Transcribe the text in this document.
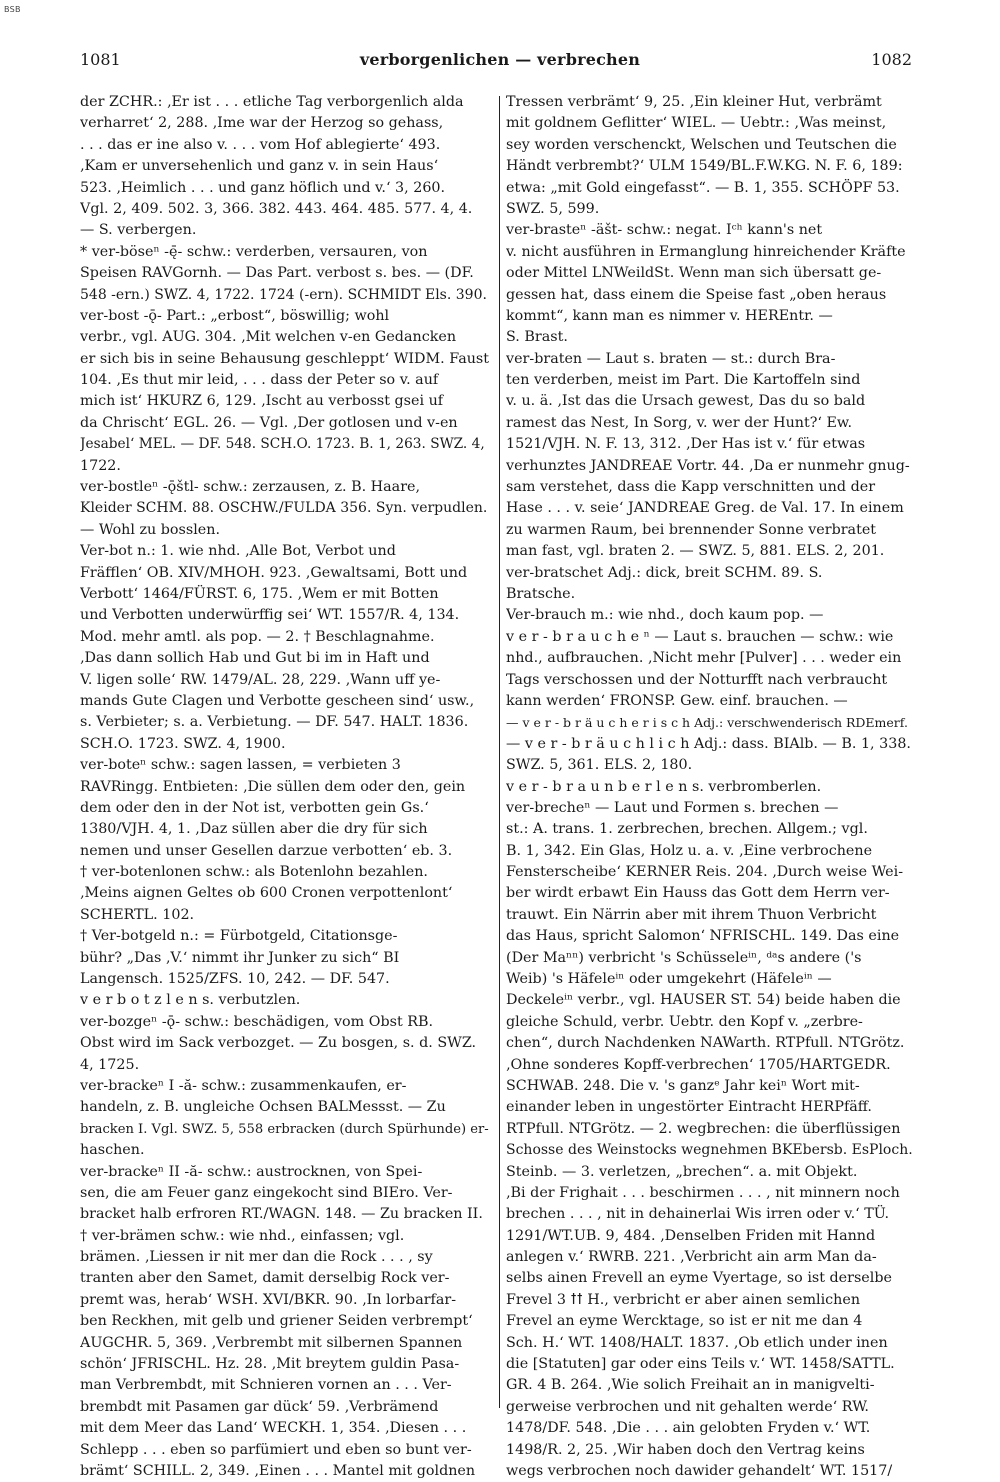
BSB
1081	verborgenlichen — verbrechen	1082
der ZCHR.: ‚Er ist . . . etliche Tag verborgenlich alda
verharret‘ 2, 288. ‚Ime war der Herzog so gehass,
. . . das er ine also v. . . . vom Hof ablegierte‘ 493.
‚Kam er unversehenlich und ganz v. in sein Haus‘
523. ‚Heimlich . . . und ganz höflich und v.‘ 3, 260.
Vgl. 2, 409. 502. 3, 366. 382. 443. 464. 485. 577. 4, 4.
— S. verbergen.
* ver-böseⁿ -ę̄- schw.: verderben, versauren, von
Speisen RAVGornh. — Das Part. verbost s. bes. — (DF.
548 -ern.) SWZ. 4, 1722. 1724 (-ern). SCHMIDT Els. 390.
ver-bost -ǭ- Part.: „erbost“, böswillig; wohl
verbr., vgl. AUG. 304. ‚Mit welchen v-en Gedancken
er sich bis in seine Behausung geschleppt‘ WIDM. Faust
104. ‚Es thut mir leid, . . . dass der Peter so v. auf
mich ist‘ HKURZ 6, 129. ‚Ischt au verbosst gsei uf
da Chrischt‘ EGL. 26. — Vgl. ‚Der gotlosen und v-en
Jesabel‘ MEL. — DF. 548. SCH.O. 1723. B. 1, 263. SWZ. 4,
1722.
ver-bostleⁿ -ǭštl- schw.: zerzausen, z. B. Haare,
Kleider SCHM. 88. OSCHW./FULDA 356. Syn. verpudlen.
— Wohl zu bosslen.
Ver-bot n.: 1. wie nhd. ‚Alle Bot, Verbot und
Fräfflen‘ OB. XIV/MHOH. 923. ‚Gewaltsami, Bott und
Verbott‘ 1464/FÜRST. 6, 175. ‚Wem er mit Botten
und Verbotten underwürffig sei‘ WT. 1557/R. 4, 134.
Mod. mehr amtl. als pop. — 2. † Beschlagnahme.
‚Das dann sollich Hab und Gut bi im in Haft und
V. ligen solle‘ RW. 1479/AL. 28, 229. ‚Wann uff ye-
mands Gute Clagen und Verbotte gescheen sind‘ usw.,
s. Verbieter; s. a. Verbietung. — DF. 547. HALT. 1836.
SCH.O. 1723. SWZ. 4, 1900.
ver-boteⁿ schw.: sagen lassen, = verbieten 3
RAVRingg. Entbieten: ‚Die süllen dem oder den, gein
dem oder den in der Not ist, verbotten gein Gs.‘
1380/VJH. 4, 1. ‚Daz süllen aber die dry für sich
nemen und unser Gesellen darzue verbotten‘ eb. 3.
† ver-botenlonen schw.: als Botenlohn bezahlen.
‚Meins aignen Geltes ob 600 Cronen verpottenlont‘
SCHERTL. 102.
† Ver-botgeld n.: = Fürbotgeld, Citationsge-
bühr? „Das ‚V.‘ nimmt ihr Junker zu sich“ BI
Langensch. 1525/ZFS. 10, 242. — DF. 547.
v e r b o t z l e n s. verbutzlen.
ver-bozgeⁿ -ǭ- schw.: beschädigen, vom Obst RB.
Obst wird im Sack verbozget. — Zu bosgen, s. d. SWZ.
4, 1725.
ver-brackeⁿ I -ă- schw.: zusammenkaufen, er-
handeln, z. B. ungleiche Ochsen BALMessst. — Zu
bracken I. Vgl. SWZ. 5, 558 erbracken (durch Spürhunde) er-
haschen.
ver-brackeⁿ II -ă- schw.: austrocknen, von Spei-
sen, die am Feuer ganz eingekocht sind BIEro. Ver-
bracket halb erfroren RT./WAGN. 148. — Zu bracken II.
† ver-brämen schw.: wie nhd., einfassen; vgl.
brämen. ‚Liessen ir nit mer dan die Rock . . . , sy
tranten aber den Samet, damit derselbig Rock ver-
premt was, herab‘ WSH. XVI/BKR. 90. ‚In lorbarfar-
ben Reckhen, mit gelb und griener Seiden verbrempt‘
AUGCHR. 5, 369. ‚Verbrembt mit silbernen Spannen
schön‘ JFRISCHL. Hz. 28. ‚Mit breytem guldin Pasa-
man Verbrembdt, mit Schnieren vornen an . . . Ver-
brembdt mit Pasamen gar dück‘ 59. ‚Verbrämend
mit dem Meer das Land‘ WECKH. 1, 354. ‚Diesen . . .
Schlepp . . . eben so parfümiert und eben so bunt ver-
brämt‘ SCHILL. 2, 349. ‚Einen . . . Mantel mit goldnen
Tressen verbrämt‘ 9, 25. ‚Ein kleiner Hut, verbrämt
mit goldnem Geflitter‘ WIEL. — Uebtr.: ‚Was meinst,
sey worden verschenckt, Welschen und Teutschen die
Händt verbrembt?‘ ULM 1549/BL.F.W.KG. N. F. 6, 189:
etwa: „mit Gold eingefasst“. — B. 1, 355. SCHÖPF 53.
SWZ. 5, 599.
ver-brasteⁿ -äšt- schw.: negat. Iᶜʰ kann's net
v. nicht ausführen in Ermanglung hinreichender Kräfte
oder Mittel LNWeildSt. Wenn man sich übersatt ge-
gessen hat, dass einem die Speise fast „oben heraus
kommt“, kann man es nimmer v. HEREntr. —
S. Brast.
ver-braten — Laut s. braten — st.: durch Bra-
ten verderben, meist im Part. Die Kartoffeln sind
v. u. ä. ‚Ist das die Ursach gewest, Das du so bald
ramest das Nest, In Sorg, v. wer der Hunt?‘ Ew.
1521/VJH. N. F. 13, 312. ‚Der Has ist v.‘ für etwas
verhunztes JANDREAE Vortr. 44. ‚Da er nunmehr gnug-
sam verstehet, dass die Kapp verschnitten und der
Hase . . . v. seie‘ JANDREAE Greg. de Val. 17. In einem
zu warmen Raum, bei brennender Sonne verbratet
man fast, vgl. braten 2. — SWZ. 5, 881. ELS. 2, 201.
ver-bratschet Adj.: dick, breit SCHM. 89. S.
Bratsche.
Ver-brauch m.: wie nhd., doch kaum pop. —
v e r - b r a u c h e ⁿ — Laut s. brauchen — schw.: wie
nhd., aufbrauchen. ‚Nicht mehr [Pulver] . . . weder ein
Tags verschossen und der Notturfft nach verbraucht
kann werden‘ FRONSP. Gew. einf. brauchen. —
— v e r - b r ä u c h e r i s c h Adj.: verschwenderisch RDEmerf.
— v e r - b r ä u c h l i c h Adj.: dass. BIAlb. — B. 1, 338.
SWZ. 5, 361. ELS. 2, 180.
v e r - b r a u n b e r l e n s. verbromberlen.
ver-brecheⁿ — Laut und Formen s. brechen —
st.: A. trans. 1. zerbrechen, brechen. Allgem.; vgl.
B. 1, 342. Ein Glas, Holz u. a. v. ‚Eine verbrochene
Fensterscheibe‘ KERNER Reis. 204. ‚Durch weise Wei-
ber wirdt erbawt Ein Hauss das Gott dem Herrn ver-
trauwt. Ein Närrin aber mit ihrem Thuon Verbricht
das Haus, spricht Salomon‘ NFRISCHL. 149. Das eine
(Der Maⁿⁿ) verbricht 's Schüsseleⁱⁿ, ᵈᵃs andere ('s
Weib) 's Häfeleⁱⁿ oder umgekehrt (Häfeleⁱⁿ —
Deckeleⁱⁿ verbr., vgl. HAUSER ST. 54) beide haben die
gleiche Schuld, verbr. Uebtr. den Kopf v. „zerbre-
chen“, durch Nachdenken NAWarth. RTPfull. NTGrötz.
‚Ohne sonderes Kopff-verbrechen‘ 1705/HARTGEDR.
SCHWAB. 248. Die v. 's ganzᵉ Jahr keiⁿ Wort mit-
einander leben in ungestörter Eintracht HERPfäff.
RTPfull. NTGrötz. — 2. wegbrechen: die überflüssigen
Schosse des Weinstocks wegnehmen BKEbersb. EsPloch.
Steinb. — 3. verletzen, „brechen“. a. mit Objekt.
‚Bi der Frighait . . . beschirmen . . . , nit minnern noch
brechen . . . , nit in dehainerlai Wis irren oder v.‘ TÜ.
1291/WT.UB. 9, 484. ‚Denselben Friden mit Hannd
anlegen v.‘ RWRB. 221. ‚Verbricht ain arm Man da-
selbs ainen Frevell an eyme Vyertage, so ist derselbe
Frevel 3 ꝉꝉ H., verbricht er aber ainen semlichen
Frevel an eyme Wercktage, so ist er nit me dan 4
Sch. H.‘ WT. 1408/HALT. 1837. ‚Ob etlich under inen
die [Statuten] gar oder eins Teils v.‘ WT. 1458/SATTL.
GR. 4 B. 264. ‚Wie solich Freihait an in manigvelti-
gerweise verbrochen und nit gehalten werde‘ RW.
1478/DF. 548. ‚Die . . . ain gelobten Fryden v.‘ WT.
1498/R. 2, 25. ‚Wir haben doch den Vertrag keins
wegs verbrochen noch dawider gehandelt‘ WT. 1517/
